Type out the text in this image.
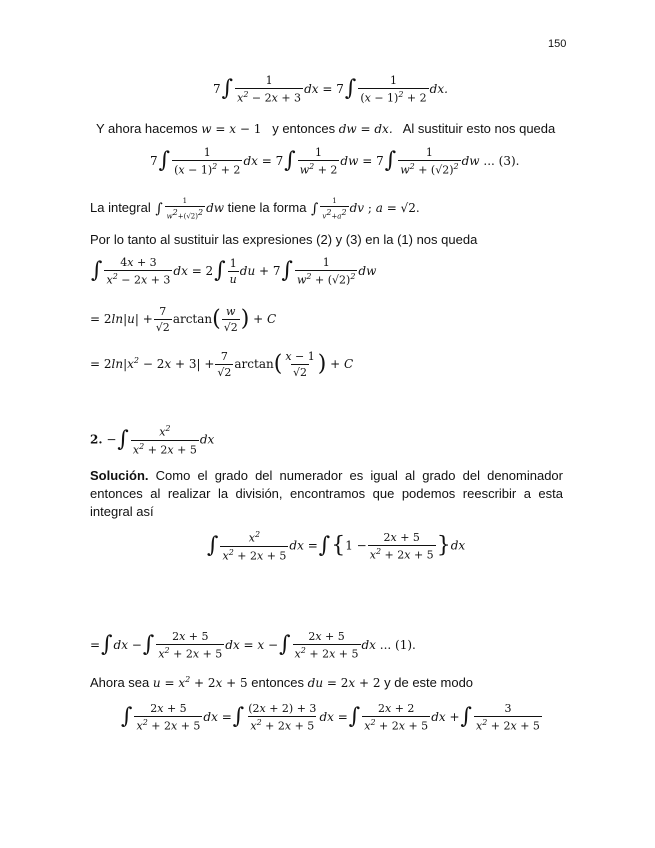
150
$7\int \frac{1}{x^2 - 2x + 3}$ dx = $7\int \frac{1}{(x - 1)^2 + 2}$ dx.
Y ahora hacemos w = x − 1 y entonces dw = dx. Al sustituir esto nos queda
$7\int \frac{1}{(x - 1)^2 + 2}$ dx = $7\int \frac{1}{w^2 + 2}$ dw = $7\int \frac{1}{w^2 + (√2)^2}$ dw ... (3).
La integral ∫ $\frac{1}{w^2+(√2)^2}$ dw tiene la forma ∫ $\frac{1}{v^2+a^2}$ dv ; a = √2.
Por lo tanto al sustituir las expresiones (2) y (3) en la (1) nos queda
∫ $\frac{4x + 3}{x^2 - 2x + 3}$ dx = $2\int \frac{1}{u}$ du + $7\int \frac{1}{w^2 + (√2)^2}$ dw
= $2\ln|u| + \frac{7}{√2} \arctan( \frac{w}{√2}$ ) + C
= $2\ln|x^2 - 2x + 3| + \frac{7}{√2} \arctan( \frac{x - 1}{√2}$ ) + C
2. −∫ $\frac{x^2}{x^2 + 2x + 5}$ dx
Solución. Como el grado del numerador es igual al grado del denominador entonces al realizar la división, encontramos que podemos reescribir a esta integral así
∫ $\frac{x^2}{x^2 + 2x + 5}$ dx $=\int\{1 - \frac{2x + 5}{x^2 + 2x + 5} \}dx$
=∫dx −∫ $\frac{2x + 5}{x^2 + 2x + 5}$ dx = x −∫ $\frac{2x + 5}{x^2 + 2x + 5}$ dx ... (1).
Ahora sea $u = x^2 + 2x + 5$ entonces du = 2x + 2 y de este modo
∫ $\frac{2x + 5}{x^2 + 2x + 5}$ dx =∫ $\frac{(2x + 2) + 3}{x^2 + 2x + 5}$ dx =∫ $\frac{2x + 2}{x^2 + 2x + 5}$ dx +∫ $\frac{3}{x^2 + 2x + 5}$
